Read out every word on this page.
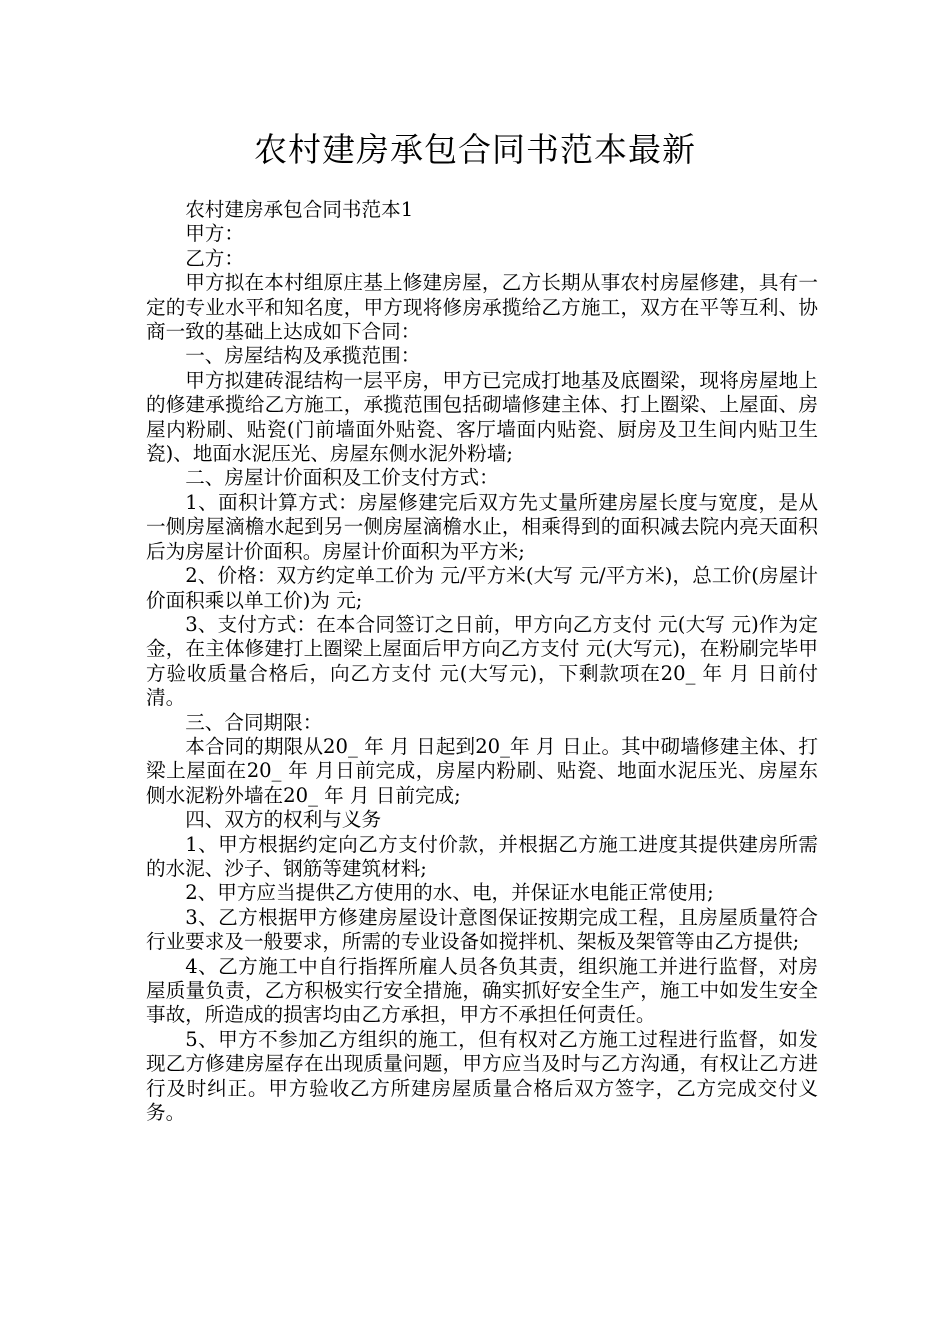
农村建房承包合同书范本最新

农村建房承包合同书范本1

甲方：

乙方：

甲方拟在本村组原庄基上修建房屋，乙方长期从事农村房屋修建，具有一定的专业水平和知名度，甲方现将修房承揽给乙方施工，双方在平等互利、协商一致的基础上达成如下合同：

一、房屋结构及承揽范围：

甲方拟建砖混结构一层平房，甲方已完成打地基及底圈梁，现将房屋地上的修建承揽给乙方施工，承揽范围包括砌墙修建主体、打上圈梁、上屋面、房屋内粉刷、贴瓷(门前墙面外贴瓷、客厅墙面内贴瓷、厨房及卫生间内贴卫生瓷)、地面水泥压光、房屋东侧水泥外粉墙;

二、房屋计价面积及工价支付方式：

1、面积计算方式：房屋修建完后双方先丈量所建房屋长度与宽度，是从一侧房屋滴檐水起到另一侧房屋滴檐水止，相乘得到的面积减去院内亮天面积后为房屋计价面积。房屋计价面积为平方米;

2、价格：双方约定单工价为 元/平方米(大写 元/平方米)，总工价(房屋计价面积乘以单工价)为 元;

3、支付方式：在本合同签订之日前，甲方向乙方支付 元(大写 元)作为定金，在主体修建打上圈梁上屋面后甲方向乙方支付 元(大写元)，在粉刷完毕甲方验收质量合格后，向乙方支付 元(大写元)，下剩款项在20_ 年 月 日前付清。

三、合同期限：

本合同的期限从20_ 年 月 日起到20_年 月 日止。其中砌墙修建主体、打梁上屋面在20_ 年 月日前完成，房屋内粉刷、贴瓷、地面水泥压光、房屋东侧水泥粉外墙在20_ 年 月 日前完成;

四、双方的权利与义务

1、甲方根据约定向乙方支付价款，并根据乙方施工进度其提供建房所需的水泥、沙子、钢筋等建筑材料;

2、甲方应当提供乙方使用的水、电，并保证水电能正常使用;

3、乙方根据甲方修建房屋设计意图保证按期完成工程，且房屋质量符合行业要求及一般要求，所需的专业设备如搅拌机、架板及架管等由乙方提供;

4、乙方施工中自行指挥所雇人员各负其责，组织施工并进行监督，对房屋质量负责，乙方积极实行安全措施，确实抓好安全生产，施工中如发生安全事故，所造成的损害均由乙方承担，甲方不承担任何责任。

5、甲方不参加乙方组织的施工，但有权对乙方施工过程进行监督，如发现乙方修建房屋存在出现质量问题，甲方应当及时与乙方沟通，有权让乙方进行及时纠正。甲方验收乙方所建房屋质量合格后双方签字，乙方完成交付义务。
